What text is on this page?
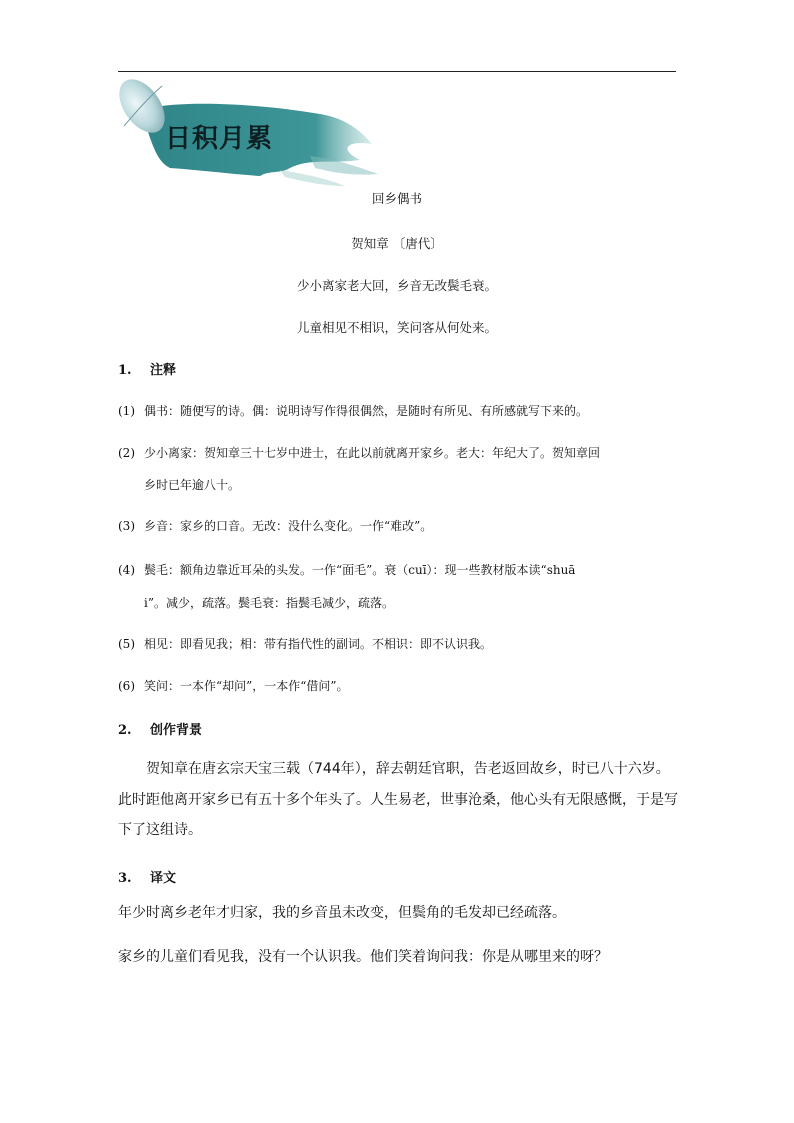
日积月累
回乡偶书
贺知章 〔唐代〕
少小离家老大回，乡音无改鬓毛衰。
儿童相见不相识，笑问客从何处来。
1. 注释
(1) 偶书：随便写的诗。偶：说明诗写作得很偶然，是随时有所见、有所感就写下来的。
(2) 少小离家：贺知章三十七岁中进士，在此以前就离开家乡。老大：年纪大了。贺知章回
乡时已年逾八十。
(3) 乡音：家乡的口音。无改：没什么变化。一作“难改”。
(4) 鬓毛：额角边靠近耳朵的头发。一作“面毛”。衰（cuī）：现一些教材版本读“shuā
i”。减少，疏落。鬓毛衰：指鬓毛减少，疏落。
(5) 相见：即看见我；相：带有指代性的副词。不相识：即不认识我。
(6) 笑问：一本作“却问”，一本作“借问”。
2. 创作背景
贺知章在唐玄宗天宝三载（744年），辞去朝廷官职，告老返回故乡，时已八十六岁。
此时距他离开家乡已有五十多个年头了。人生易老，世事沧桑，他心头有无限感慨，于是写
下了这组诗。
3. 译文
年少时离乡老年才归家，我的乡音虽未改变，但鬓角的毛发却已经疏落。
家乡的儿童们看见我，没有一个认识我。他们笑着询问我：你是从哪里来的呀？
